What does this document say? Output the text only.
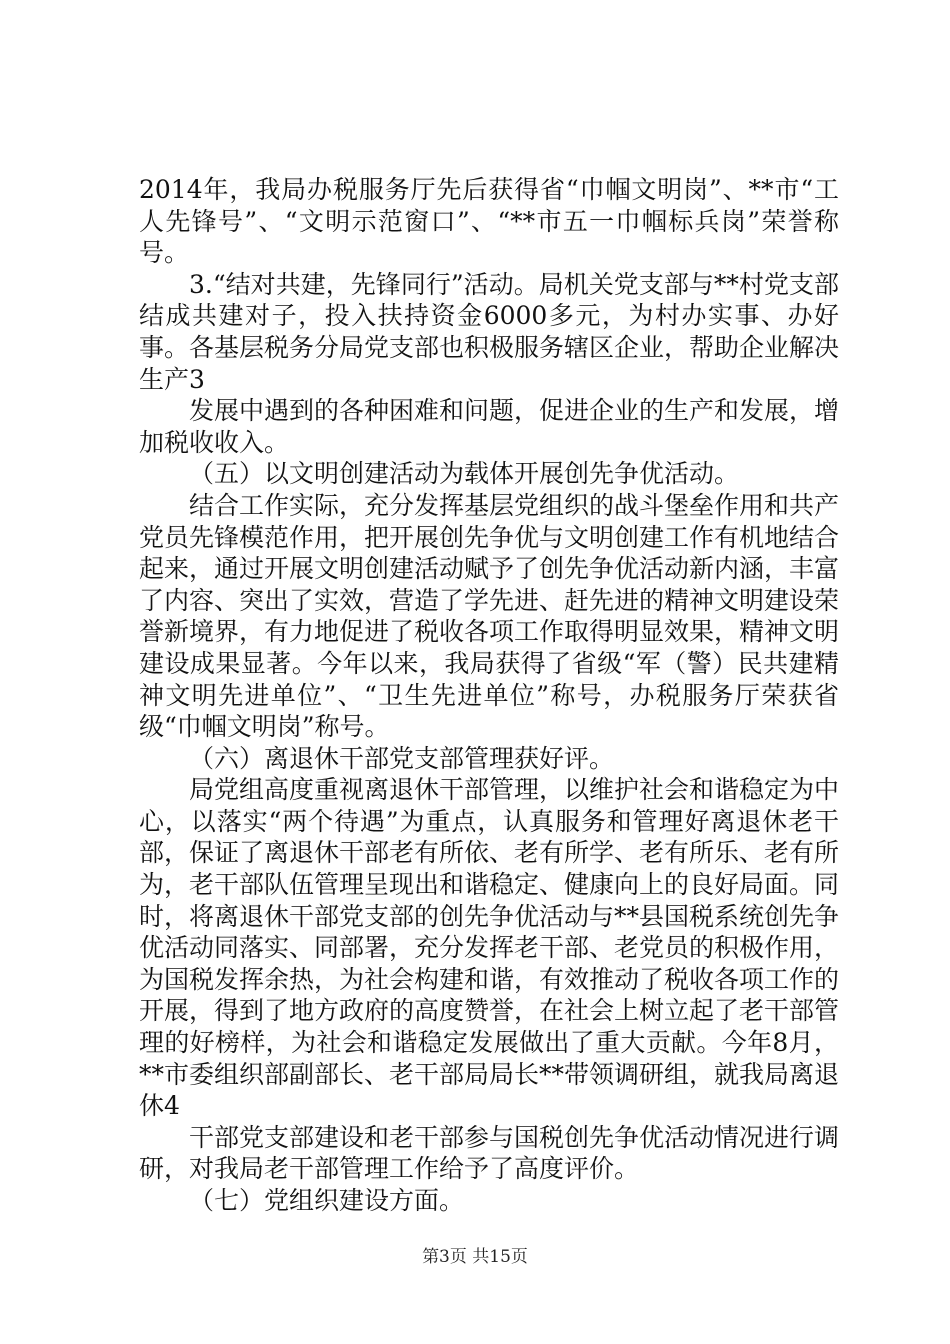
2014年，我局办税服务厅先后获得省“巾帼文明岗”、**市“工人先锋号”、“文明示范窗口”、“**市五一巾帼标兵岗”荣誉称号。

3.“结对共建，先锋同行”活动。局机关党支部与**村党支部结成共建对子，投入扶持资金6000多元，为村办实事、办好事。各基层税务分局党支部也积极服务辖区企业，帮助企业解决生产3

发展中遇到的各种困难和问题，促进企业的生产和发展，增加税收收入。

（五）以文明创建活动为载体开展创先争优活动。

结合工作实际，充分发挥基层党组织的战斗堡垒作用和共产党员先锋模范作用，把开展创先争优与文明创建工作有机地结合起来，通过开展文明创建活动赋予了创先争优活动新内涵，丰富了内容、突出了实效，营造了学先进、赶先进的精神文明建设荣誉新境界，有力地促进了税收各项工作取得明显效果，精神文明建设成果显著。今年以来，我局获得了省级“军（警）民共建精神文明先进单位”、“卫生先进单位”称号，办税服务厅荣获省级“巾帼文明岗”称号。

（六）离退休干部党支部管理获好评。

局党组高度重视离退休干部管理，以维护社会和谐稳定为中心，以落实“两个待遇”为重点，认真服务和管理好离退休老干部，保证了离退休干部老有所依、老有所学、老有所乐、老有所为，老干部队伍管理呈现出和谐稳定、健康向上的良好局面。同时，将离退休干部党支部的创先争优活动与**县国税系统创先争优活动同落实、同部署，充分发挥老干部、老党员的积极作用，为国税发挥余热，为社会构建和谐，有效推动了税收各项工作的开展，得到了地方政府的高度赞誉，在社会上树立起了老干部管理的好榜样，为社会和谐稳定发展做出了重大贡献。今年8月，**市委组织部副部长、老干部局局长**带领调研组，就我局离退休4

干部党支部建设和老干部参与国税创先争优活动情况进行调研，对我局老干部管理工作给予了高度评价。

（七）党组织建设方面。

第3页 共15页
